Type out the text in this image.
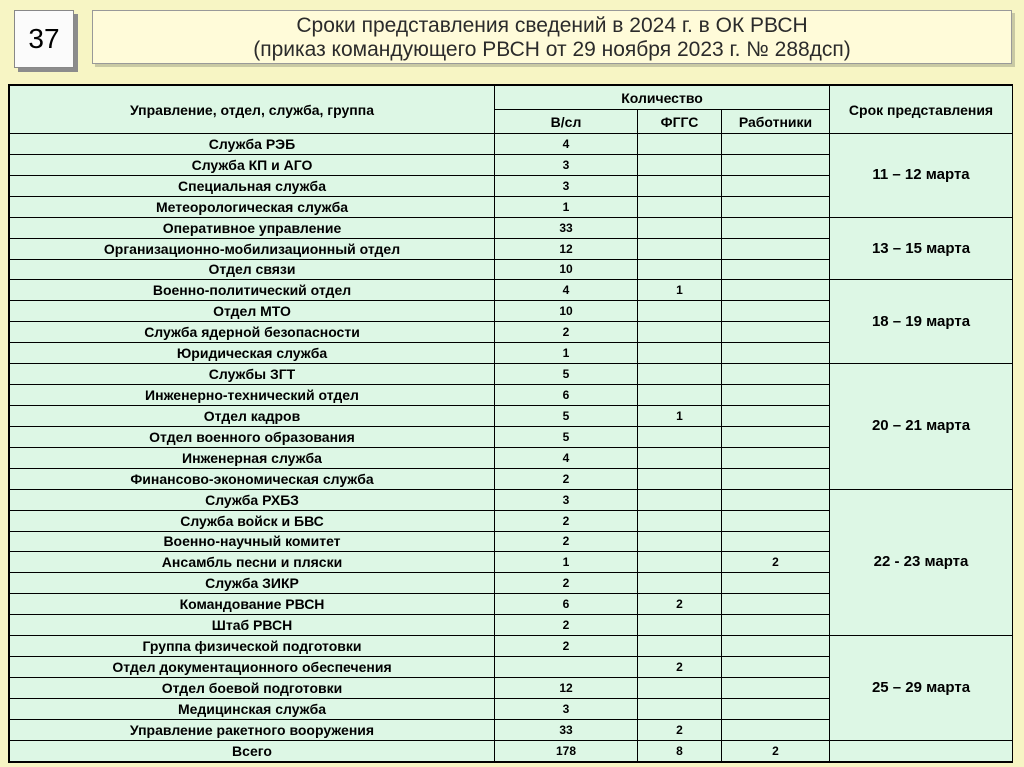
37	Сроки представления сведений в 2024 г. в ОК РВСН
(приказ командующего РВСН от 29 ноября 2023 г. № 288дсп)
Управление, отдел, служба, группа	Количество			Срок представления
	В/сл	ФГГС	Работники	
Служба РЭБ	4			11 – 12 марта
Служба КП и АГО	3			
Специальная служба	3			
Метеорологическая служба	1			
Оперативное управление	33			13 – 15 марта
Организационно-мобилизационный отдел	12			
Отдел связи	10			
Военно-политический отдел	4	1		18 – 19 марта
Отдел МТО	10			
Служба ядерной безопасности	2			
Юридическая служба	1			
Службы ЗГТ	5			20 – 21 марта
Инженерно-технический отдел	6			
Отдел кадров	5	1		
Отдел военного образования	5			
Инженерная служба	4			
Финансово-экономическая служба	2			
Служба РХБЗ	3			22 - 23 марта
Служба войск и БВС	2			
Военно-научный комитет	2			
Ансамбль песни и пляски	1		2	
Служба ЗИКР	2			
Командование РВСН	6	2		
Штаб РВСН	2			
Группа физической подготовки	2			25 – 29 марта
Отдел документационного обеспечения		2		
Отдел боевой подготовки	12			
Медицинская служба	3			
Управление ракетного вооружения	33	2		
Всего	178	8	2	
